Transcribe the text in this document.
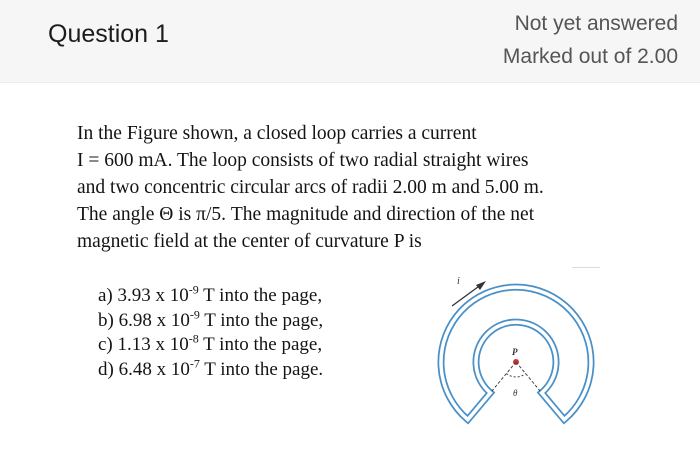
Question 1	Not yet answered
Marked out of 2.00
In the Figure shown, a closed loop carries a current
I = 600 mA. The loop consists of two radial straight wires
and two concentric circular arcs of radii 2.00 m and 5.00 m.
The angle Θ is π/5. The magnitude and direction of the net
magnetic field at the center of curvature P is
a) 3.93 x $10^{-9}$ T into the page,
b) 6.98 x $10^{-9}$ T into the page,
c) 1.13 x $10^{-8}$ T into the page,
d) 6.48 x $10^{-7}$ T into the page.
i
P
θ
